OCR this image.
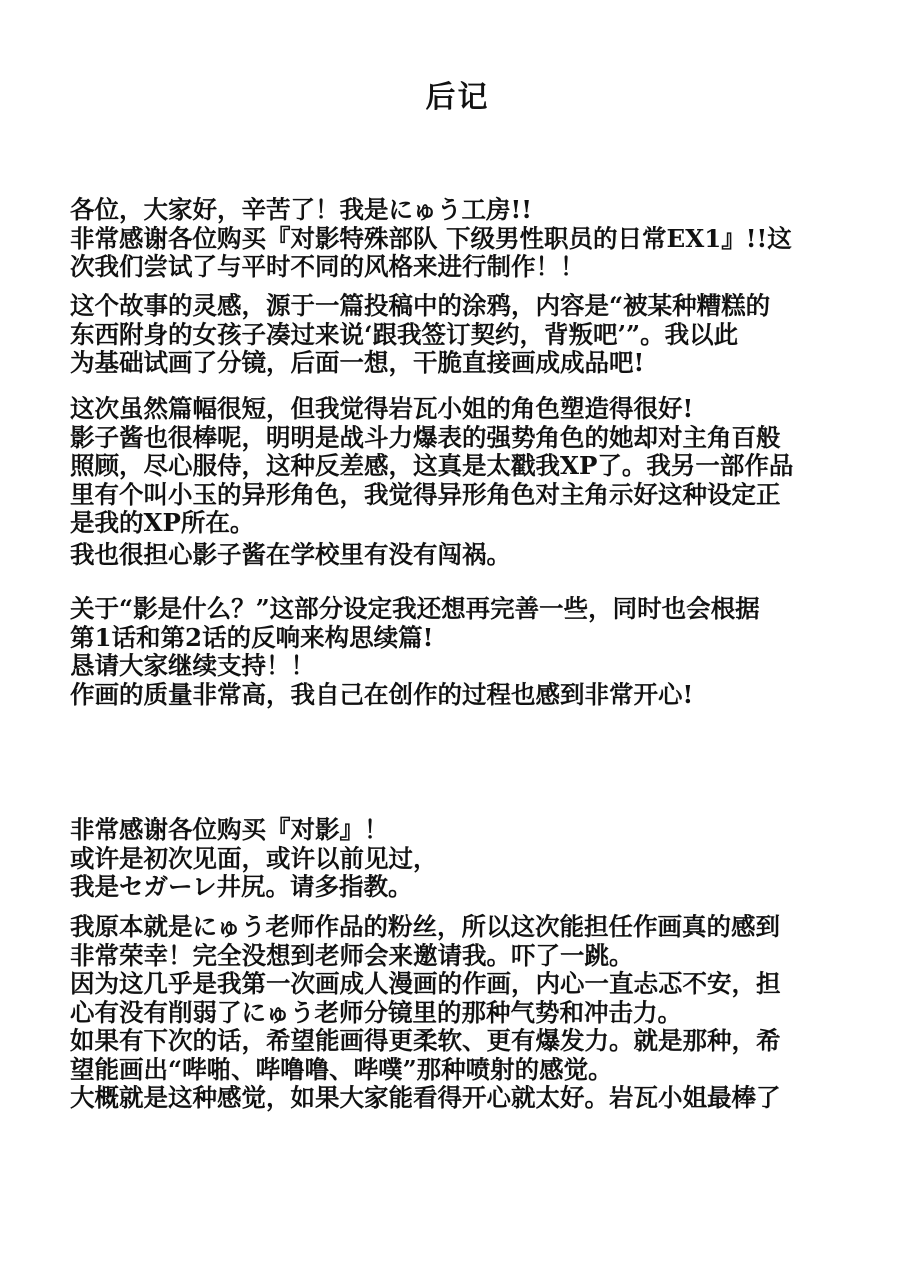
后记
各位，大家好，辛苦了！我是にゅう工房!!
非常感谢各位购买『对影特殊部队 下级男性职员的日常EX1』!!这
次我们尝试了与平时不同的风格来进行制作！！
这个故事的灵感，源于一篇投稿中的涂鸦，内容是“被某种糟糕的
东西附身的女孩子凑过来说‘跟我签订契约，背叛吧’”。我以此
为基础试画了分镜，后面一想，干脆直接画成成品吧!
这次虽然篇幅很短，但我觉得岩瓦小姐的角色塑造得很好!
影子酱也很棒呢，明明是战斗力爆表的强势角色的她却对主角百般
照顾，尽心服侍，这种反差感，这真是太戳我XP了。我另一部作品
里有个叫小玉的异形角色，我觉得异形角色对主角示好这种设定正
是我的XP所在。
我也很担心影子酱在学校里有没有闯祸。
关于“影是什么？”这部分设定我还想再完善一些，同时也会根据
第1话和第2话的反响来构思续篇!
恳请大家继续支持！！
作画的质量非常高，我自己在创作的过程也感到非常开心!
非常感谢各位购买『对影』！
或许是初次见面，或许以前见过，
我是セガーレ井尻。请多指教。
我原本就是にゅう老师作品的粉丝，所以这次能担任作画真的感到
非常荣幸！完全没想到老师会来邀请我。吓了一跳。
因为这几乎是我第一次画成人漫画的作画，内心一直忐忑不安，担
心有没有削弱了にゅう老师分镜里的那种气势和冲击力。
如果有下次的话，希望能画得更柔软、更有爆发力。就是那种，希
望能画出“哔啪、哔噜噜、哔噗”那种喷射的感觉。
大概就是这种感觉，如果大家能看得开心就太好。岩瓦小姐最棒了
